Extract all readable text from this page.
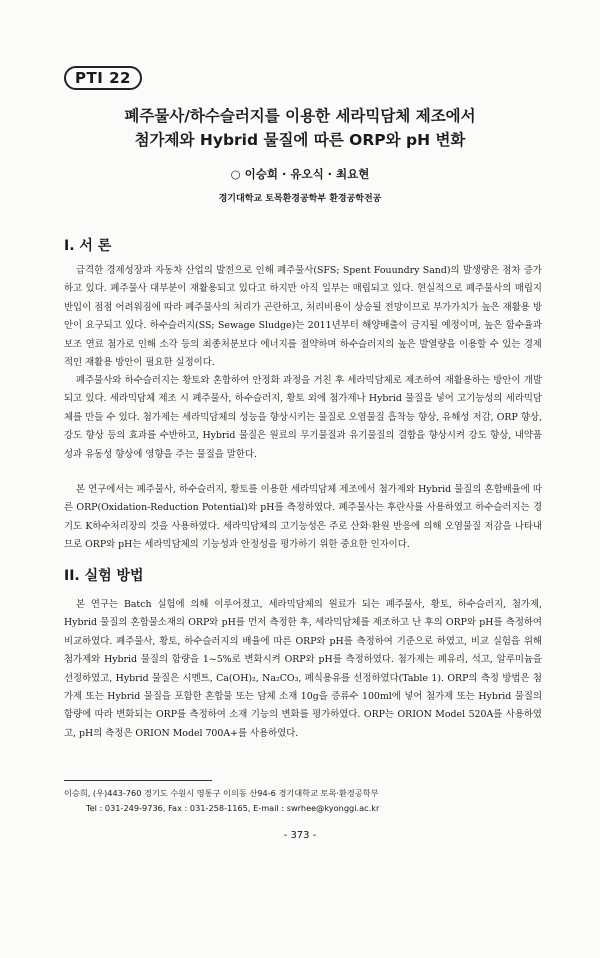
PTI 22
폐주물사/하수슬러지를 이용한 세라믹담체 제조에서
첨가제와 Hybrid 물질에 따른 ORP와 pH 변화
○ 이승희 · 유오식 · 최요현
경기대학교 토목환경공학부 환경공학전공
I. 서 론
급격한 경제성장과 자동차 산업의 발전으로 인해 폐주물사(SFS; Spent Fouundry Sand)의 발생량은 점차 증가하고 있다. 폐주물사 대부분이 재활용되고 있다고 하지만 아직 일부는 매립되고 있다. 현실적으로 폐주물사의 매립지 반입이 점점 어려워짐에 따라 폐주물사의 처리가 곤란하고, 처리비용이 상승될 전망이므로 부가가치가 높은 재활용 방안이 요구되고 있다. 하수슬러지(SS; Sewage Sludge)는 2011년부터 해양배출이 금지될 예정이며, 높은 함수율과 보조 연료 첨가로 인해 소각 등의 최종처분보다 에너지를 절약하며 하수슬러지의 높은 발열량을 이용할 수 있는 경제적인 재활용 방안이 필요한 실정이다.
폐주물사와 하수슬러지는 황토와 혼합하여 안정화 과정을 거친 후 세라믹담체로 제조하여 재활용하는 방안이 개발되고 있다. 세라믹담체 제조 시 폐주물사, 하수슬러지, 황토 외에 첨가제나 Hybrid 물질을 넣어 고기능성의 세라믹담체를 만들 수 있다. 첨가제는 세라믹담체의 성능을 향상시키는 물질로 오염물질 흡착능 향상, 유해성 저감, ORP 향상, 강도 향상 등의 효과를 수반하고, Hybrid 물질은 원료의 무기물질과 유기물질의 결합을 향상시켜 강도 향상, 내약품성과 유동성 향상에 영향을 주는 물질을 말한다.
본 연구에서는 폐주물사, 하수슬러지, 황토를 이용한 세라믹담체 제조에서 첨가제와 Hybrid 물질의 혼합배율에 따른 ORP(Oxidation-Reduction Potential)와 pH를 측정하였다. 폐주물사는 후란사를 사용하였고 하수슬러지는 경기도 K하수처리장의 것을 사용하였다. 세라믹담체의 고기능성은 주로 산화·환원 반응에 의해 오염물질 저감을 나타내므로 ORP와 pH는 세라믹담체의 기능성과 안정성을 평가하기 위한 중요한 인자이다.
II. 실험 방법
본 연구는 Batch 실험에 의해 이루어졌고, 세라믹담체의 원료가 되는 폐주물사, 황토, 하수슬러지, 첨가제, Hybrid 물질의 혼합물소재의 ORP와 pH를 먼저 측정한 후, 세라믹담체를 제조하고 난 후의 ORP와 pH를 측정하여 비교하였다. 폐주물사, 황토, 하수슬러지의 배율에 따른 ORP와 pH를 측정하여 기준으로 하였고, 비교 실험을 위해 첨가제와 Hybrid 물질의 함량을 1~5%로 변화시켜 ORP와 pH를 측정하였다. 첨가제는 폐유리, 석고, 알루미늄을 선정하였고, Hybrid 물질은 시멘트, Ca(OH)₂, Na₂CO₃, 폐식용유를 선정하였다(Table 1). ORP의 측정 방법은 첨가제 또는 Hybrid 물질을 포함한 혼합물 또는 담체 소재 10g을 증류수 100ml에 넣어 첨가제 또는 Hybrid 물질의 함량에 따라 변화되는 ORP를 측정하여 소재 기능의 변화를 평가하였다. ORP는 ORION Model 520A를 사용하였고, pH의 측정은 ORION Model 700A+를 사용하였다.
이승희, (우)443-760 경기도 수원시 영통구 이의동 산94-6 경기대학교 토목·환경공학부
Tel : 031-249-9736, Fax : 031-258-1165, E-mail : swrhee@kyonggi.ac.kr
- 373 -
